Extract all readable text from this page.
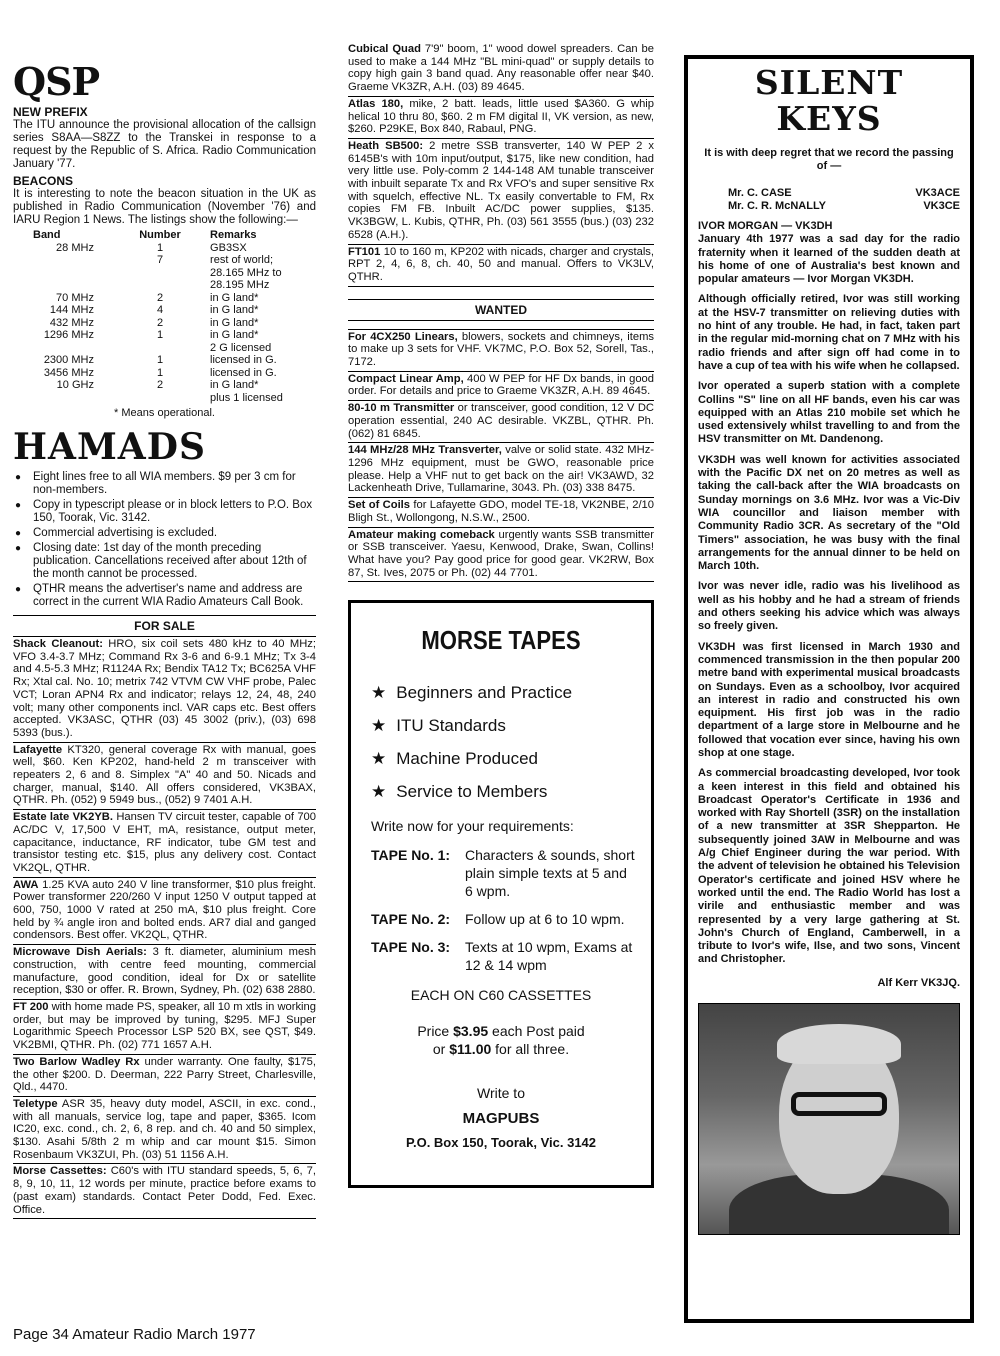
QSP
NEW PREFIX

The ITU announce the provisional allocation of the callsign series S8AA—S8ZZ to the Transkei in response to a request by the Republic of S. Africa. Radio Communication January '77.

BEACONS

It is interesting to note the beacon situation in the UK as published in Radio Communication (November '76) and IARU Region 1 News. The listings show the following:—

Band	Number	Remarks
28 MHz	1	GB3SX
	7	rest of world;
		28.165 MHz to
		28.195 MHz
70 MHz	2	in G land*
144 MHz	4	in G land*
432 MHz	2	in G land*
1296 MHz	1	in G land*
		2 G licensed
2300 MHz	1	licensed in G.
3456 MHz	1	licensed in G.
10 GHz	2	in G land*
		plus 1 licensed
* Means operational.
HAMADS
● Eight lines free to all WIA members. $9 per 3 cm for non-members.
● Copy in typescript please or in block letters to P.O. Box 150, Toorak, Vic. 3142.
● Commercial advertising is excluded.
● Closing date: 1st day of the month preceding publication. Cancellations received after about 12th of the month cannot be processed.
● QTHR means the advertiser's name and address are correct in the current WIA Radio Amateurs Call Book.
FOR SALE
Shack Cleanout: HRO, six coil sets 480 kHz to 40 MHz; VFO 3.4-3.7 MHz; Command Rx 3-6 and 6-9.1 MHz; Tx 3-4 and 4.5-5.3 MHz; R1124A Rx; Bendix TA12 Tx; BC625A VHF Rx; Xtal cal. No. 10; metrix 742 VTVM CW VHF probe, Palec VCT; Loran APN4 Rx and indicator; relays 12, 24, 48, 240 volt; many other components incl. VAR caps etc. Best offers accepted. VK3ASC, QTHR (03) 45 3002 (priv.), (03) 698 5393 (bus.).
Lafayette KT320, general coverage Rx with manual, goes well, $60. Ken KP202, hand-held 2 m transceiver with repeaters 2, 6 and 8. Simplex "A" 40 and 50. Nicads and charger, manual, $140. All offers considered, VK3BAX, QTHR. Ph. (052) 9 5949 bus., (052) 9 7401 A.H.
Estate late VK2YB. Hansen TV circuit tester, capable of 700 AC/DC V, 17,500 V EHT, mA, resistance, output meter, capacitance, inductance, RF indicator, tube GM test and transistor testing etc. $15, plus any delivery cost. Contact VK2QL, QTHR.
AWA 1.25 KVA auto 240 V line transformer, $10 plus freight. Power transformer 220/260 V input 1250 V output tapped at 600, 750, 1000 V rated at 250 mA, $10 plus freight. Core held by ¾ angle iron and bolted ends. AR7 dial and ganged condensors. Best offer. VK2QL, QTHR.
Microwave Dish Aerials: 3 ft. diameter, aluminium mesh construction, with centre feed mounting, commercial manufacture, good condition, ideal for Dx or satellite reception, $30 or offer. R. Brown, Sydney, Ph. (02) 638 2880.
FT 200 with home made PS, speaker, all 10 m xtls in working order, but may be improved by tuning, $295. MFJ Super Logarithmic Speech Processor LSP 520 BX, see QST, $49. VK2BMI, QTHR. Ph. (02) 771 1657 A.H.
Two Barlow Wadley Rx under warranty. One faulty, $175, the other $200. D. Deerman, 222 Parry Street, Charlesville, Qld., 4470.
Teletype ASR 35, heavy duty model, ASCII, in exc. cond., with all manuals, service log, tape and paper, $365. Icom IC20, exc. cond., ch. 2, 6, 8 rep. and ch. 40 and 50 simplex, $130. Asahi 5/8th 2 m whip and car mount $15. Simon Rosenbaum VK3ZUI, Ph. (03) 51 1156 A.H.
Morse Cassettes: C60's with ITU standard speeds, 5, 6, 7, 8, 9, 10, 11, 12 words per minute, practice before exams to (past exam) standards. Contact Peter Dodd, Fed. Exec. Office.
Cubical Quad 7'9" boom, 1" wood dowel spreaders. Can be used to make a 144 MHz "BL mini-quad" or supply details to copy high gain 3 band quad. Any reasonable offer near $40. Graeme VK3ZR, A.H. (03) 89 4645.
Atlas 180, mike, 2 batt. leads, little used $A360. G whip helical 10 thru 80, $60. 2 m FM digital II, VK version, as new, $260. P29KE, Box 840, Rabaul, PNG.
Heath SB500: 2 metre SSB transverter, 140 W PEP 2 x 6145B's with 10m input/output, $175, like new condition, had very little use. Poly-comm 2 144-148 AM tunable transceiver with inbuilt separate Tx and Rx VFO's and super sensitive Rx with squelch, effective NL. Tx easily convertable to FM, Rx copies FM FB. Inbuilt AC/DC power supplies, $135. VK3BGW, L. Kubis, QTHR, Ph. (03) 561 3555 (bus.) (03) 232 6528 (A.H.).
FT101 10 to 160 m, KP202 with nicads, charger and crystals, RPT 2, 4, 6, 8, ch. 40, 50 and manual. Offers to VK3LV, QTHR.
WANTED
For 4CX250 Linears, blowers, sockets and chimneys, items to make up 3 sets for VHF. VK7MC, P.O. Box 52, Sorell, Tas., 7172.
Compact Linear Amp, 400 W PEP for HF Dx bands, in good order. For details and price to Graeme VK3ZR, A.H. 89 4645.
80-10 m Transmitter or transceiver, good condition, 12 V DC operation essential, 240 AC desirable. VKZBL, QTHR. Ph. (062) 81 6845.
144 MHz/28 MHz Transverter, valve or solid state. 432 MHz-1296 MHz equipment, must be GWO, reasonable price please. Help a VHF nut to get back on the air! VK3AWD, 32 Lackenheath Drive, Tullamarine, 3043. Ph. (03) 338 8475.
Set of Coils for Lafayette GDO, model TE-18, VK2NBE, 2/10 Bligh St., Wollongong, N.S.W., 2500.
Amateur making comeback urgently wants SSB transmitter or SSB transceiver. Yaesu, Kenwood, Drake, Swan, Collins! What have you? Pay good price for good gear. VK2RW, Box 87, St. Ives, 2075 or Ph. (02) 44 7701.
MORSE TAPES
★ Beginners and Practice
★ ITU Standards
★ Machine Produced
★ Service to Members
Write now for your requirements:
TAPE No. 1:	Characters & sounds, short plain simple texts at 5 and 6 wpm.
TAPE No. 2:	Follow up at 6 to 10 wpm.
TAPE No. 3:	Texts at 10 wpm, Exams at 12 & 14 wpm
EACH ON C60 CASSETTES
Price $3.95 each Post paid
or $11.00 for all three.
Write to
MAGPUBS
P.O. Box 150, Toorak, Vic. 3142
SILENT KEYS
It is with deep regret that we record the passing of —
Mr. C. CASE	VK3ACE
Mr. C. R. McNALLY	VK3CE

IVOR MORGAN — VK3DH
January 4th 1977 was a sad day for the radio fraternity when it learned of the sudden death at his home of one of Australia's best known and popular amateurs — Ivor Morgan VK3DH.

Although officially retired, Ivor was still working at the HSV-7 transmitter on relieving duties with no hint of any trouble. He had, in fact, taken part in the regular mid-morning chat on 7 MHz with his radio friends and after sign off had come in to have a cup of tea with his wife when he collapsed.

Ivor operated a superb station with a complete Collins "S" line on all HF bands, even his car was equipped with an Atlas 210 mobile set which he used extensively whilst travelling to and from the HSV transmitter on Mt. Dandenong.

VK3DH was well known for activities associated with the Pacific DX net on 20 metres as well as taking the call-back after the WIA broadcasts on Sunday mornings on 3.6 MHz. Ivor was a Vic-Div WIA councillor and liaison member with Community Radio 3CR. As secretary of the "Old Timers" association, he was busy with the final arrangements for the annual dinner to be held on March 10th.

Ivor was never idle, radio was his livelihood as well as his hobby and he had a stream of friends and others seeking his advice which was always so freely given.

VK3DH was first licensed in March 1930 and commenced transmission in the then popular 200 metre band with experimental musical broadcasts on Sundays. Even as a schoolboy, Ivor acquired an interest in radio and constructed his own equipment. His first job was in the radio department of a large store in Melbourne and he followed that vocation ever since, having his own shop at one stage.

As commercial broadcasting developed, Ivor took a keen interest in this field and obtained his Broadcast Operator's Certificate in 1936 and worked with Ray Shortell (3SR) on the installation of a new transmitter at 3SR Shepparton. He subsequently joined 3AW in Melbourne and was A/g Chief Engineer during the war period. With the advent of television he obtained his Television Operator's certificate and joined HSV where he worked until the end. The Radio World has lost a virile and enthusiastic member and was represented by a very large gathering at St. John's Church of England, Camberwell, in a tribute to Ivor's wife, Ilse, and two sons, Vincent and Christopher.

Alf Kerr VK3JQ.
Page 34 Amateur Radio March 1977
